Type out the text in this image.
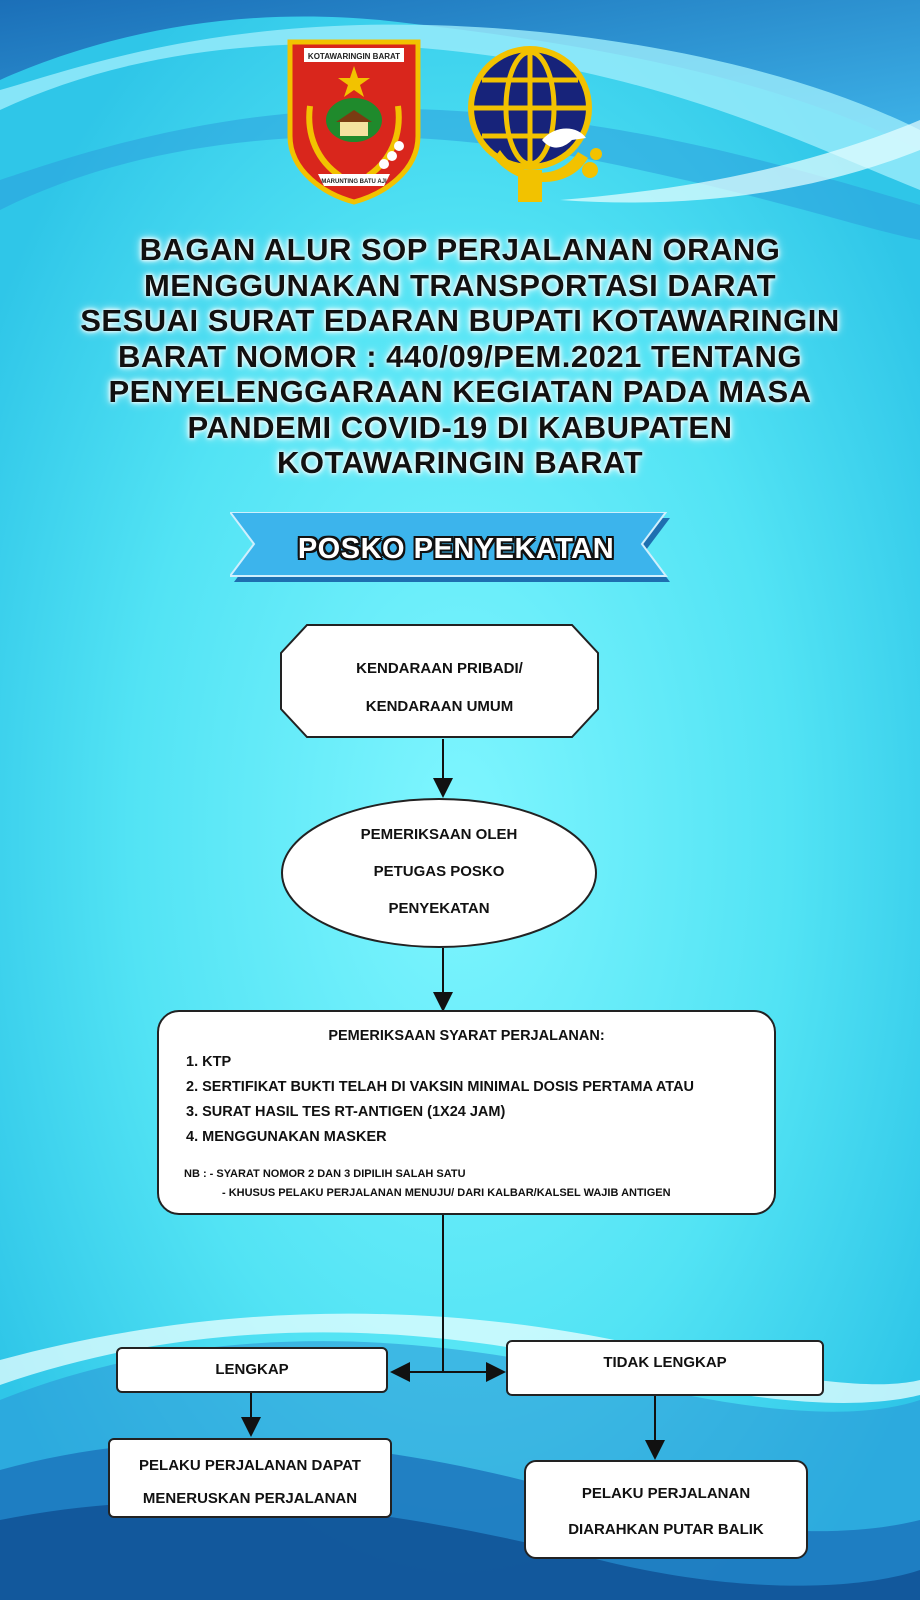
KOTAWARINGIN BARAT
MARUNTING BATU AJI
BAGAN ALUR SOP PERJALANAN ORANG
MENGGUNAKAN TRANSPORTASI DARAT
SESUAI SURAT EDARAN BUPATI KOTAWARINGIN
BARAT NOMOR : 440/09/PEM.2021 TENTANG
PENYELENGGARAAN KEGIATAN PADA MASA
PANDEMI COVID-19 DI KABUPATEN
KOTAWARINGIN BARAT
POSKO PENYEKATAN
KENDARAAN PRIBADI/
KENDARAAN UMUM
PEMERIKSAAN OLEH
PETUGAS POSKO
PENYEKATAN
PEMERIKSAAN SYARAT PERJALANAN:
1. KTP
2. SERTIFIKAT BUKTI TELAH DI VAKSIN MINIMAL DOSIS PERTAMA ATAU
3. SURAT HASIL TES RT-ANTIGEN (1X24 JAM)
4. MENGGUNAKAN MASKER
NB : - SYARAT NOMOR 2 DAN 3 DIPILIH SALAH SATU
- KHUSUS PELAKU PERJALANAN MENUJU/ DARI KALBAR/KALSEL WAJIB ANTIGEN
LENGKAP	TIDAK LENGKAP
PELAKU PERJALANAN DAPAT
MENERUSKAN PERJALANAN	PELAKU PERJALANAN
DIARAHKAN PUTAR BALIK
